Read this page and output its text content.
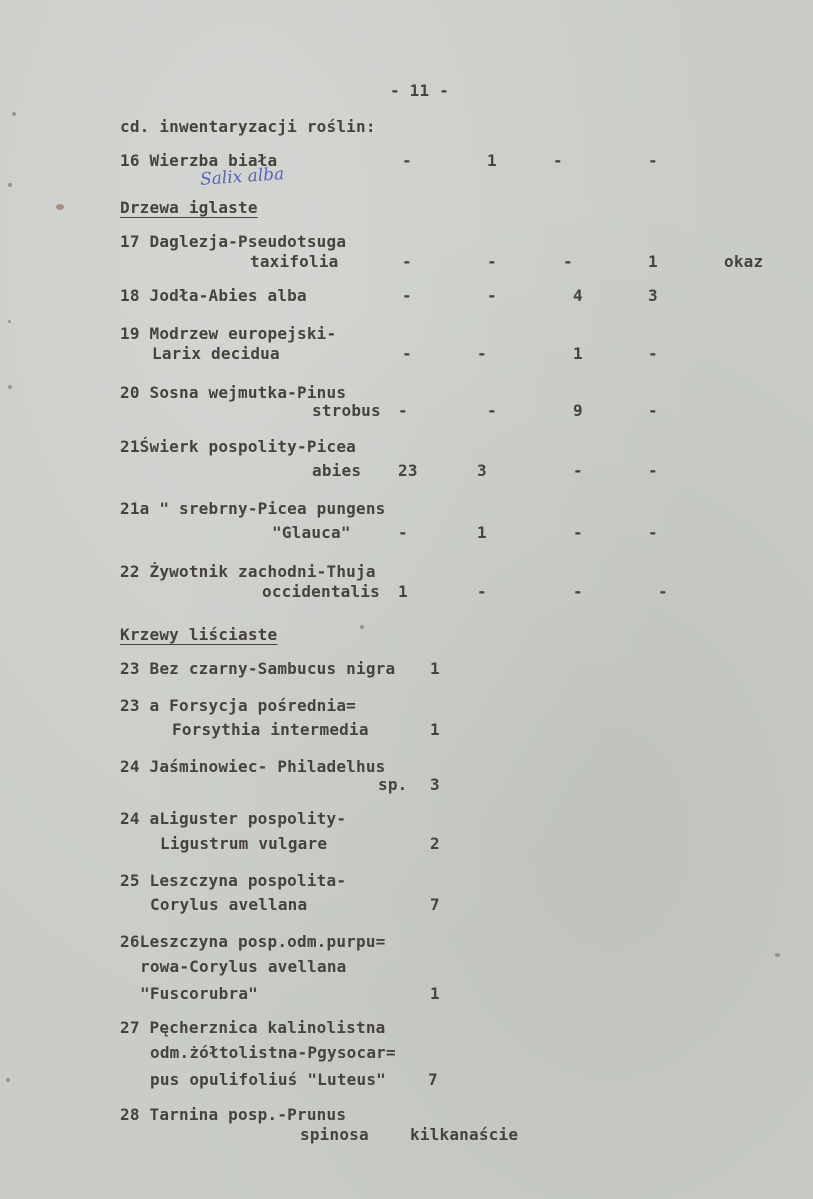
- 11 -
cd. inwentaryzacji roślin:
16 Wierzba biała	-	1	-	-
Salix alba
Drzewa iglaste
17 Daglezja-Pseudotsuga
taxifolia	-	-	-	1	okaz
18 Jodła-Abies alba	-	-	4	3
19 Modrzew europejski-
Larix decidua	-	-	1	-
20 Sosna wejmutka-Pinus
strobus -	-	9	-
21Świerk pospolity-Picea
abies 23	3	-	-
21a " srebrny-Picea pungens
"Glauca"	-	1	-	-
22 Żywotnik zachodni-Thuja
occidentalis 1	-	-	-
Krzewy liściaste
23 Bez czarny-Sambucus nigra 1
23 a Forsycja pośrednia=
Forsythia intermedia	1
24 Jaśminowiec- Philadelhus
sp. 3
24 aLiguster pospolity-
Ligustrum vulgare	2
25 Leszczyna pospolita-
Corylus avellana	7
26Leszczyna posp.odm.purpu=
rowa-Corylus avellana
"Fuscorubra"	1
27 Pęcherznica kalinolistna
odm.żółtolistna-Pgysocar=
pus opulifoliuś "Luteus"	7
28 Tarnina posp.-Prunus
spinosa	kilkanaście
